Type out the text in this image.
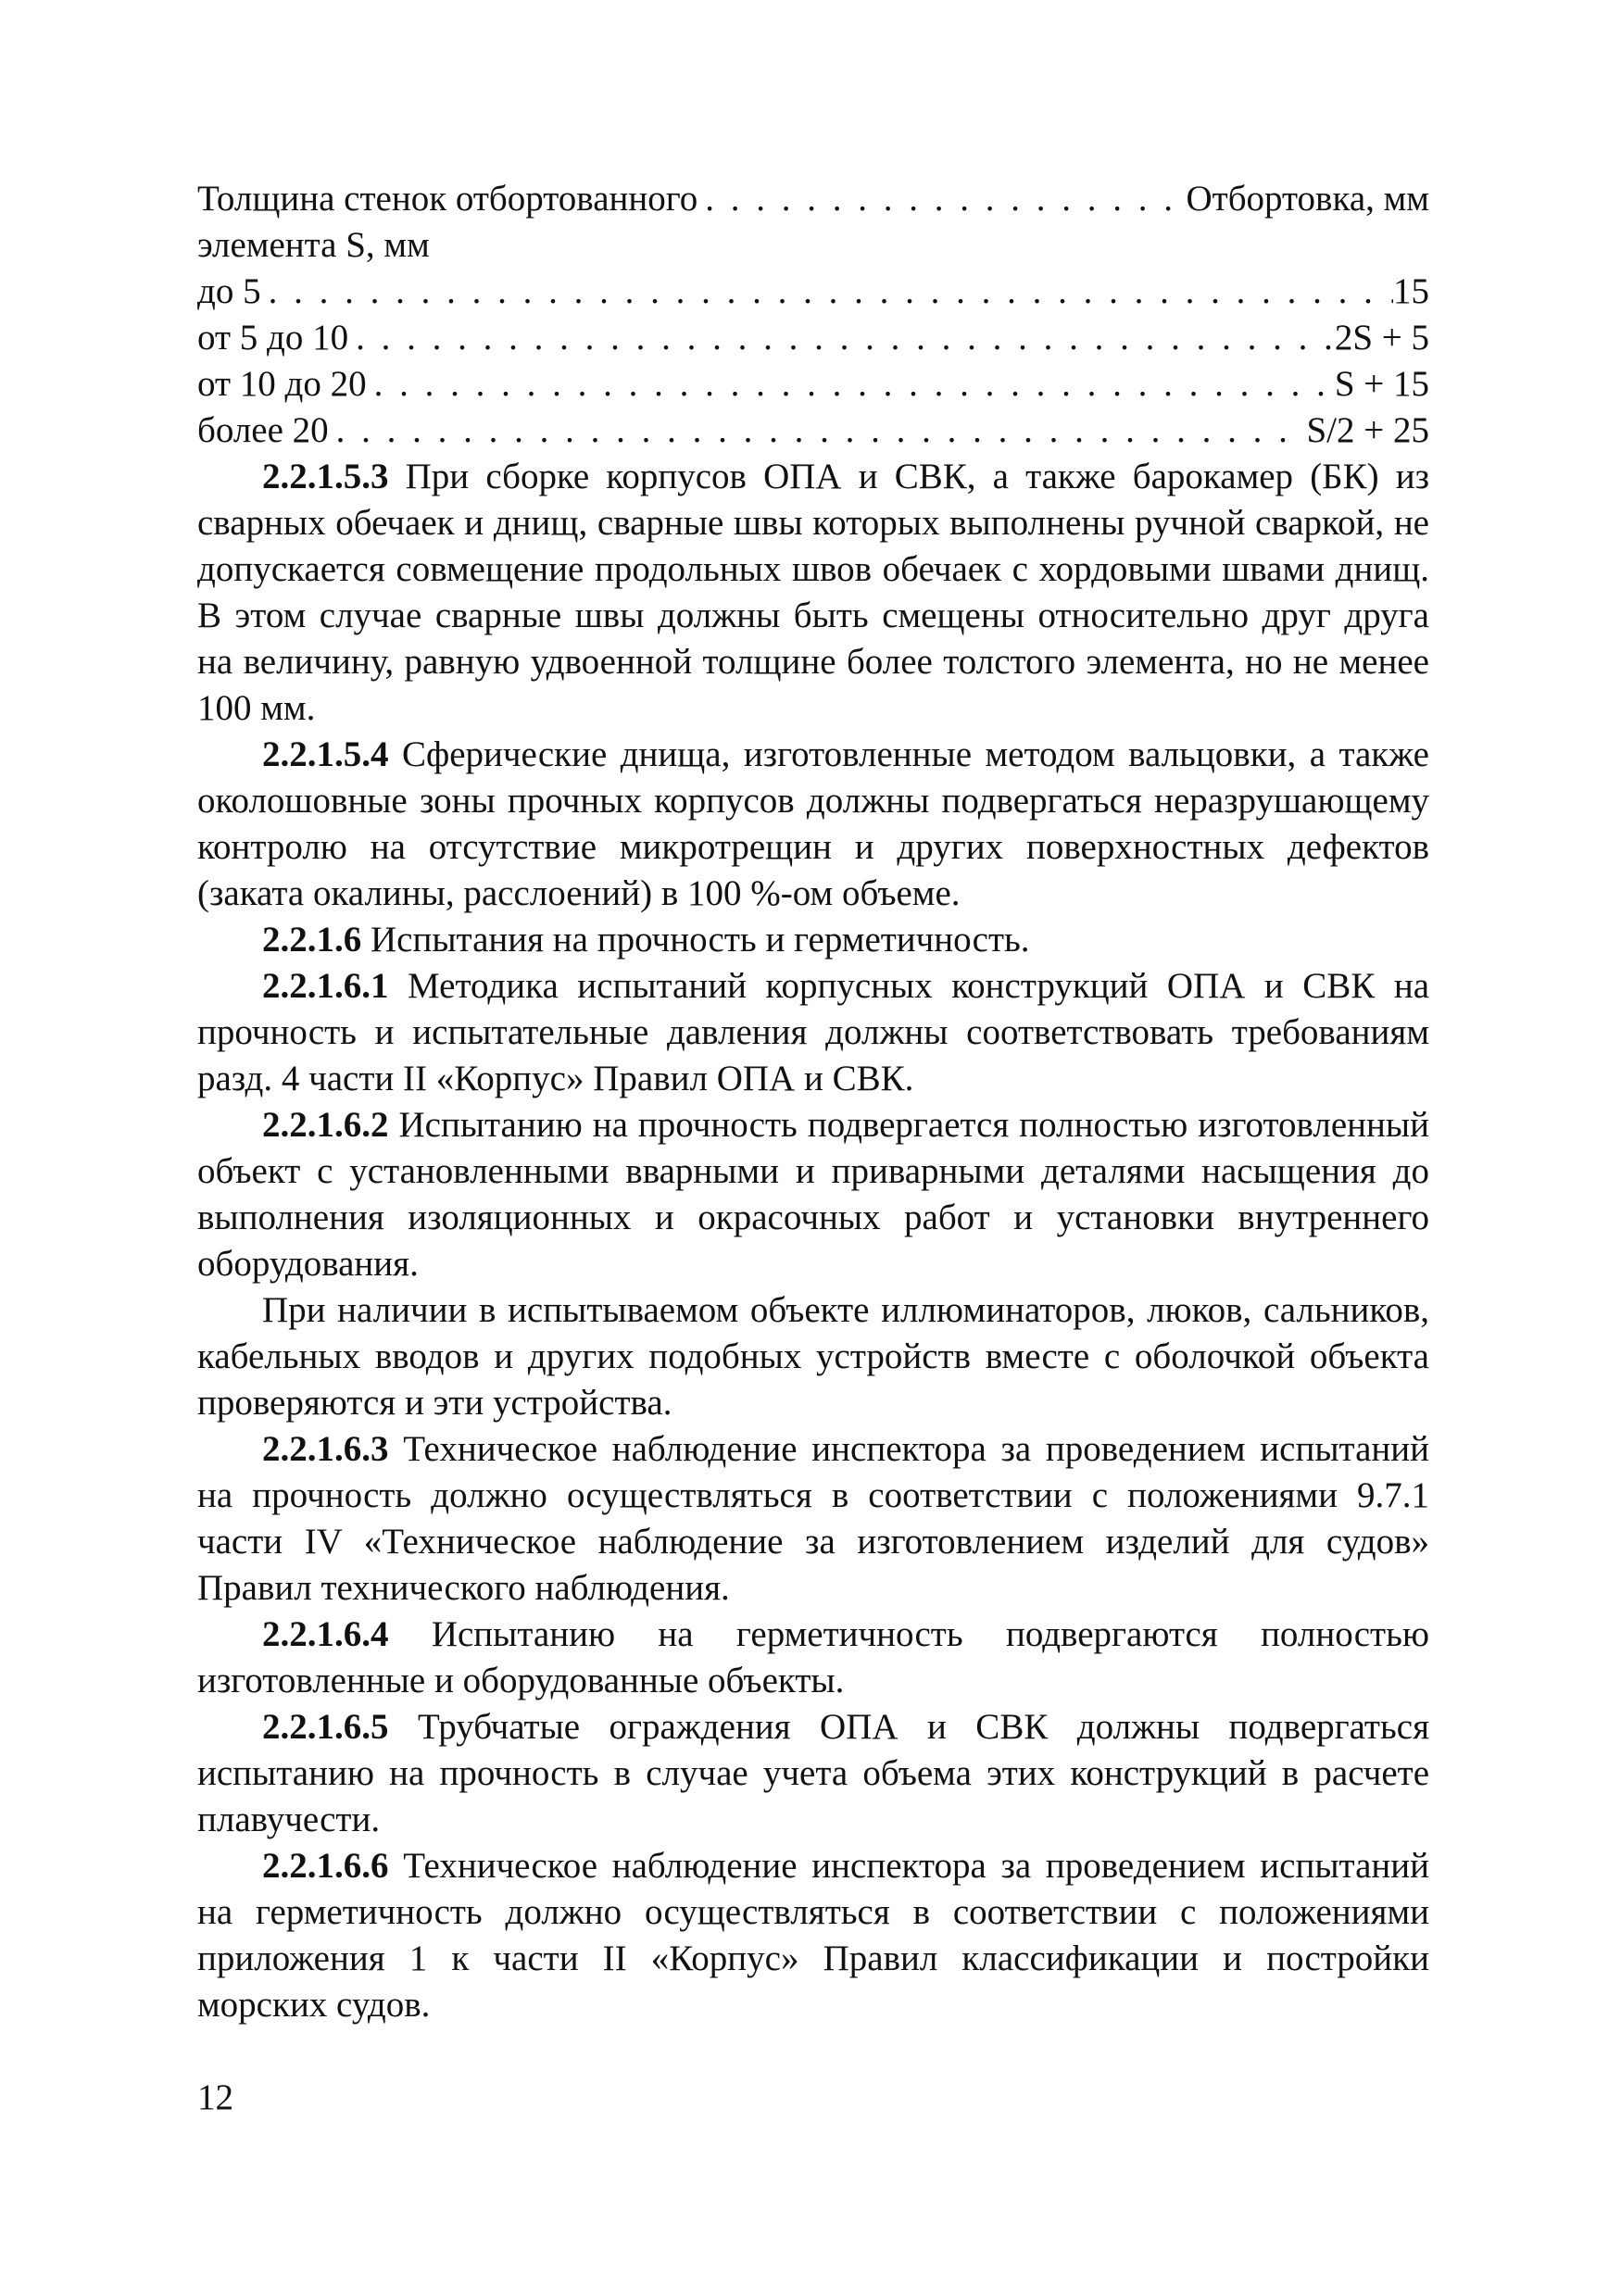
Толщина стенок отбортованного . . .	Отбортовка, мм
элемента S, мм
до 5 . . .	15
от 5 до 10 . . .	2S + 5
от 10 до 20 . . .	S + 15
более 20 . . .	S/2 + 25

2.2.1.5.3 При сборке корпусов ОПА и СВК, а также барокамер (БК) из сварных обечаек и днищ, сварные швы которых выполнены ручной сваркой, не допускается совмещение продольных швов обечаек с хордовыми швами днищ. В этом случае сварные швы должны быть смещены относительно друг друга на величину, равную удвоенной толщине более толстого элемента, но не менее 100 мм.

2.2.1.5.4 Сферические днища, изготовленные методом вальцовки, а также околошовные зоны прочных корпусов должны подвергаться неразрушающему контролю на отсутствие микротрещин и других поверхностных дефектов (заката окалины, расслоений) в 100 %-ом объеме.

2.2.1.6 Испытания на прочность и герметичность.

2.2.1.6.1 Методика испытаний корпусных конструкций ОПА и СВК на прочность и испытательные давления должны соответствовать требованиям разд. 4 части II «Корпус» Правил ОПА и СВК.

2.2.1.6.2 Испытанию на прочность подвергается полностью изготовленный объект с установленными вварными и приварными деталями насыщения до выполнения изоляционных и окрасочных работ и установки внутреннего оборудования.

При наличии в испытываемом объекте иллюминаторов, люков, сальников, кабельных вводов и других подобных устройств вместе с оболочкой объекта проверяются и эти устройства.

2.2.1.6.3 Техническое наблюдение инспектора за проведением испытаний на прочность должно осуществляться в соответствии с положениями 9.7.1 части IV «Техническое наблюдение за изготовлением изделий для судов» Правил технического наблюдения.

2.2.1.6.4 Испытанию на герметичность подвергаются полностью изготовленные и оборудованные объекты.

2.2.1.6.5 Трубчатые ограждения ОПА и СВК должны подвергаться испытанию на прочность в случае учета объема этих конструкций в расчете плавучести.

2.2.1.6.6 Техническое наблюдение инспектора за проведением испытаний на герметичность должно осуществляться в соответствии с положениями приложения 1 к части II «Корпус» Правил классификации и постройки морских судов.

12
